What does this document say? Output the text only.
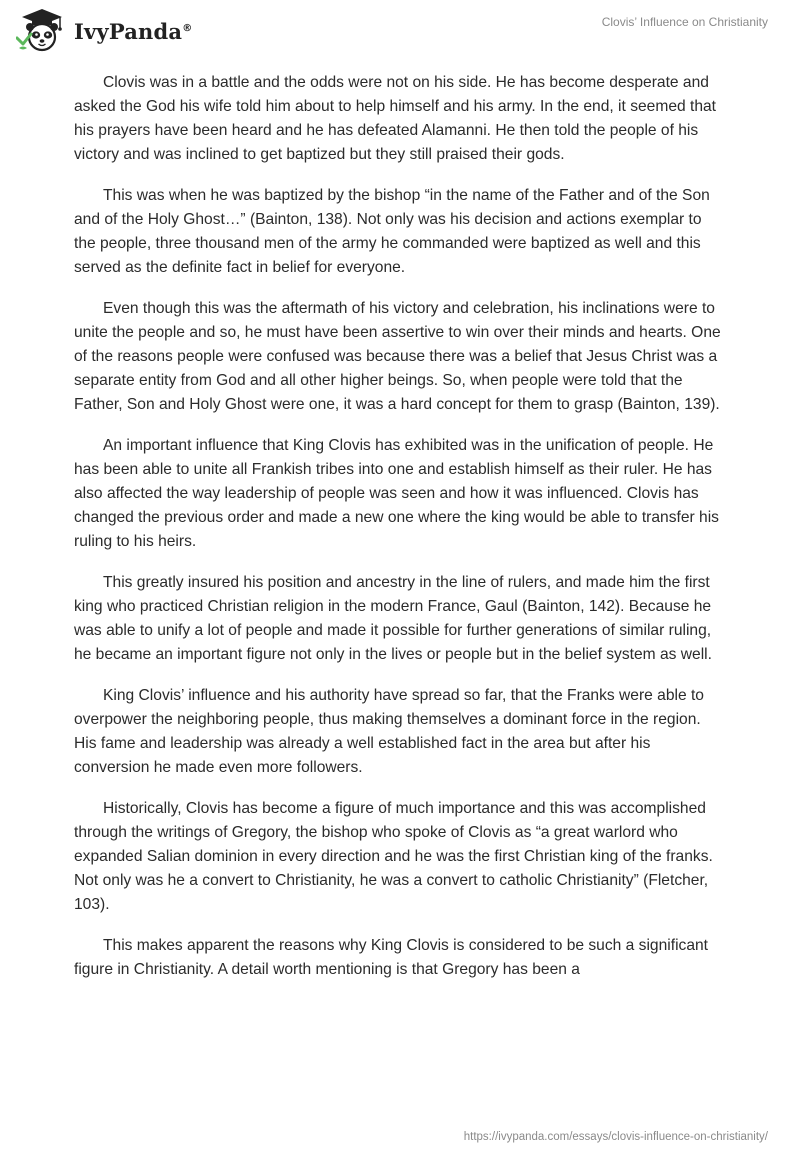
IvyPanda®	Clovis’ Influence on Christianity

Clovis was in a battle and the odds were not on his side. He has become desperate and asked the God his wife told him about to help himself and his army. In the end, it seemed that his prayers have been heard and he has defeated Alamanni. He then told the people of his victory and was inclined to get baptized but they still praised their gods.

This was when he was baptized by the bishop “in the name of the Father and of the Son and of the Holy Ghost…” (Bainton, 138). Not only was his decision and actions exemplar to the people, three thousand men of the army he commanded were baptized as well and this served as the definite fact in belief for everyone.

Even though this was the aftermath of his victory and celebration, his inclinations were to unite the people and so, he must have been assertive to win over their minds and hearts. One of the reasons people were confused was because there was a belief that Jesus Christ was a separate entity from God and all other higher beings. So, when people were told that the Father, Son and Holy Ghost were one, it was a hard concept for them to grasp (Bainton, 139).

An important influence that King Clovis has exhibited was in the unification of people. He has been able to unite all Frankish tribes into one and establish himself as their ruler. He has also affected the way leadership of people was seen and how it was influenced. Clovis has changed the previous order and made a new one where the king would be able to transfer his ruling to his heirs.

This greatly insured his position and ancestry in the line of rulers, and made him the first king who practiced Christian religion in the modern France, Gaul (Bainton, 142). Because he was able to unify a lot of people and made it possible for further generations of similar ruling, he became an important figure not only in the lives or people but in the belief system as well.

King Clovis’ influence and his authority have spread so far, that the Franks were able to overpower the neighboring people, thus making themselves a dominant force in the region. His fame and leadership was already a well established fact in the area but after his conversion he made even more followers.

Historically, Clovis has become a figure of much importance and this was accomplished through the writings of Gregory, the bishop who spoke of Clovis as “a great warlord who expanded Salian dominion in every direction and he was the first Christian king of the franks. Not only was he a convert to Christianity, he was a convert to catholic Christianity” (Fletcher, 103).

This makes apparent the reasons why King Clovis is considered to be such a significant figure in Christianity. A detail worth mentioning is that Gregory has been a

https://ivypanda.com/essays/clovis-influence-on-christianity/
